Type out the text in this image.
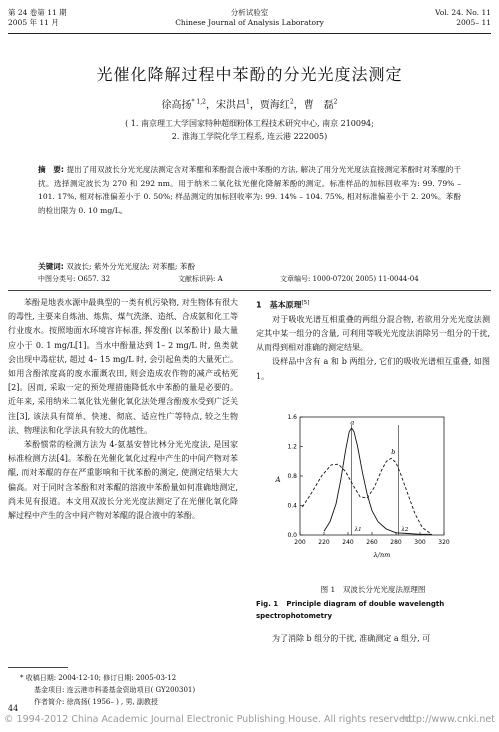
第 24 卷第 11 期
2005 年 11 月
分析试验室
Chinese Journal of Analysis Laboratory
Vol. 24. No. 11
2005– 11
光催化降解过程中苯酚的分光光度法测定
徐高扬$^{* 1,2}$，宋洪昌$^1$，贾海红$^2$，曹　磊$^2$
( 1. 南京理工大学国家特种超细粉体工程技术研究中心, 南京 210094;
2. 淮海工学院化学工程系, 连云港 222005)
摘　要: 提出了用双波长分光光度法测定含对苯醌和苯酚混合液中苯酚的方法, 解决了用分光光度法直接测定苯酚时对苯醌的干扰。选择测定波长为 270 和 292 nm。用于纳米二氧化钛光催化降解苯酚的测定。标准样品的加标回收率为: 99. 79% – 101. 17%, 相对标准偏差小于 0. 50%; 样品测定的加标回收率为: 99. 14% – 104. 75%, 相对标准偏差小于 2. 20%。苯酚的检出限为 0. 10 mg/L。
关键词: 双波长; 紫外分光光度法; 对苯醌; 苯酚
中图分类号: O657. 32	文献标识码: A	文章编号: 1000-0720( 2005) 11-0044-04

苯酚是地表水源中最典型的一类有机污染物, 对生物体有很大的毒性, 主要来自炼油、炼焦、煤气洗涤、造纸、合成氨和化工等行业废水。按照地面水环境容许标准, 挥发酚( 以苯酚计) 最大量应小于 0. 1 mg/L[1]。当水中酚量达到 1– 2 mg/L 时, 鱼类就会出现中毒症状, 超过 4– 15 mg/L 时, 会引起鱼类的大量死亡。如用含酚浓度高的废水灌溉农田, 则会造成农作物的减产或枯死[2]。因而, 采取一定的预处理措施降低水中苯酚的量是必要的。近年来, 采用纳米二氧化钛光催化氧化法处理含酚废水受到广泛关注[3], 该法具有简单、快速、彻底、适应性广等特点, 较之生物法、物理法和化学法具有较大的优越性。

苯酚惯常的检测方法为 4-氨基安替比林分光光度法, 是国家标准检测方法[4]。苯酚在光催化氧化过程中产生的中间产物对苯醌, 而对苯醌的存在严重影响和干扰苯酚的测定, 使测定结果大大偏高。对于同时含苯酚和对苯醌的溶液中苯酚量如何准确地测定, 尚未见有报道。本文用双波长分光光度法测定了在光催化氧化降解过程中产生的含中间产物对苯醌的混合液中的苯酚。

1　基本原理[5]

对于吸收光谱互相重叠的两组分混合物, 若欲用分光光度法测定其中某一组分的含量, 可利用等吸光光度法消除另一组分的干扰, 从而得到相对准确的测定结果。

设样品中含有 a 和 b 两组分, 它们的吸收光谱相互重叠, 如图1。

200 220 240 260 280 300 320
0.0
0.4
0.8
1.2
1.6
λ/nm
A
λ1	λ2
a
b
图 1　双波长分光光度法原理图
Fig. 1 Principle diagram of double wavelength spectrophotometry
为了消除 b 组分的干扰, 准确测定 a 组分, 可
* 收稿日期: 2004-12-10; 修订日期: 2005-03-12
基金项目: 连云港市科委基金资助项目( GY200301)
作者简介: 徐高扬( 1956– ) , 男, 副教授
44
© 1994-2012 China Academic Journal Electronic Publishing House. All rights reserved.
http://www.cnki.net
